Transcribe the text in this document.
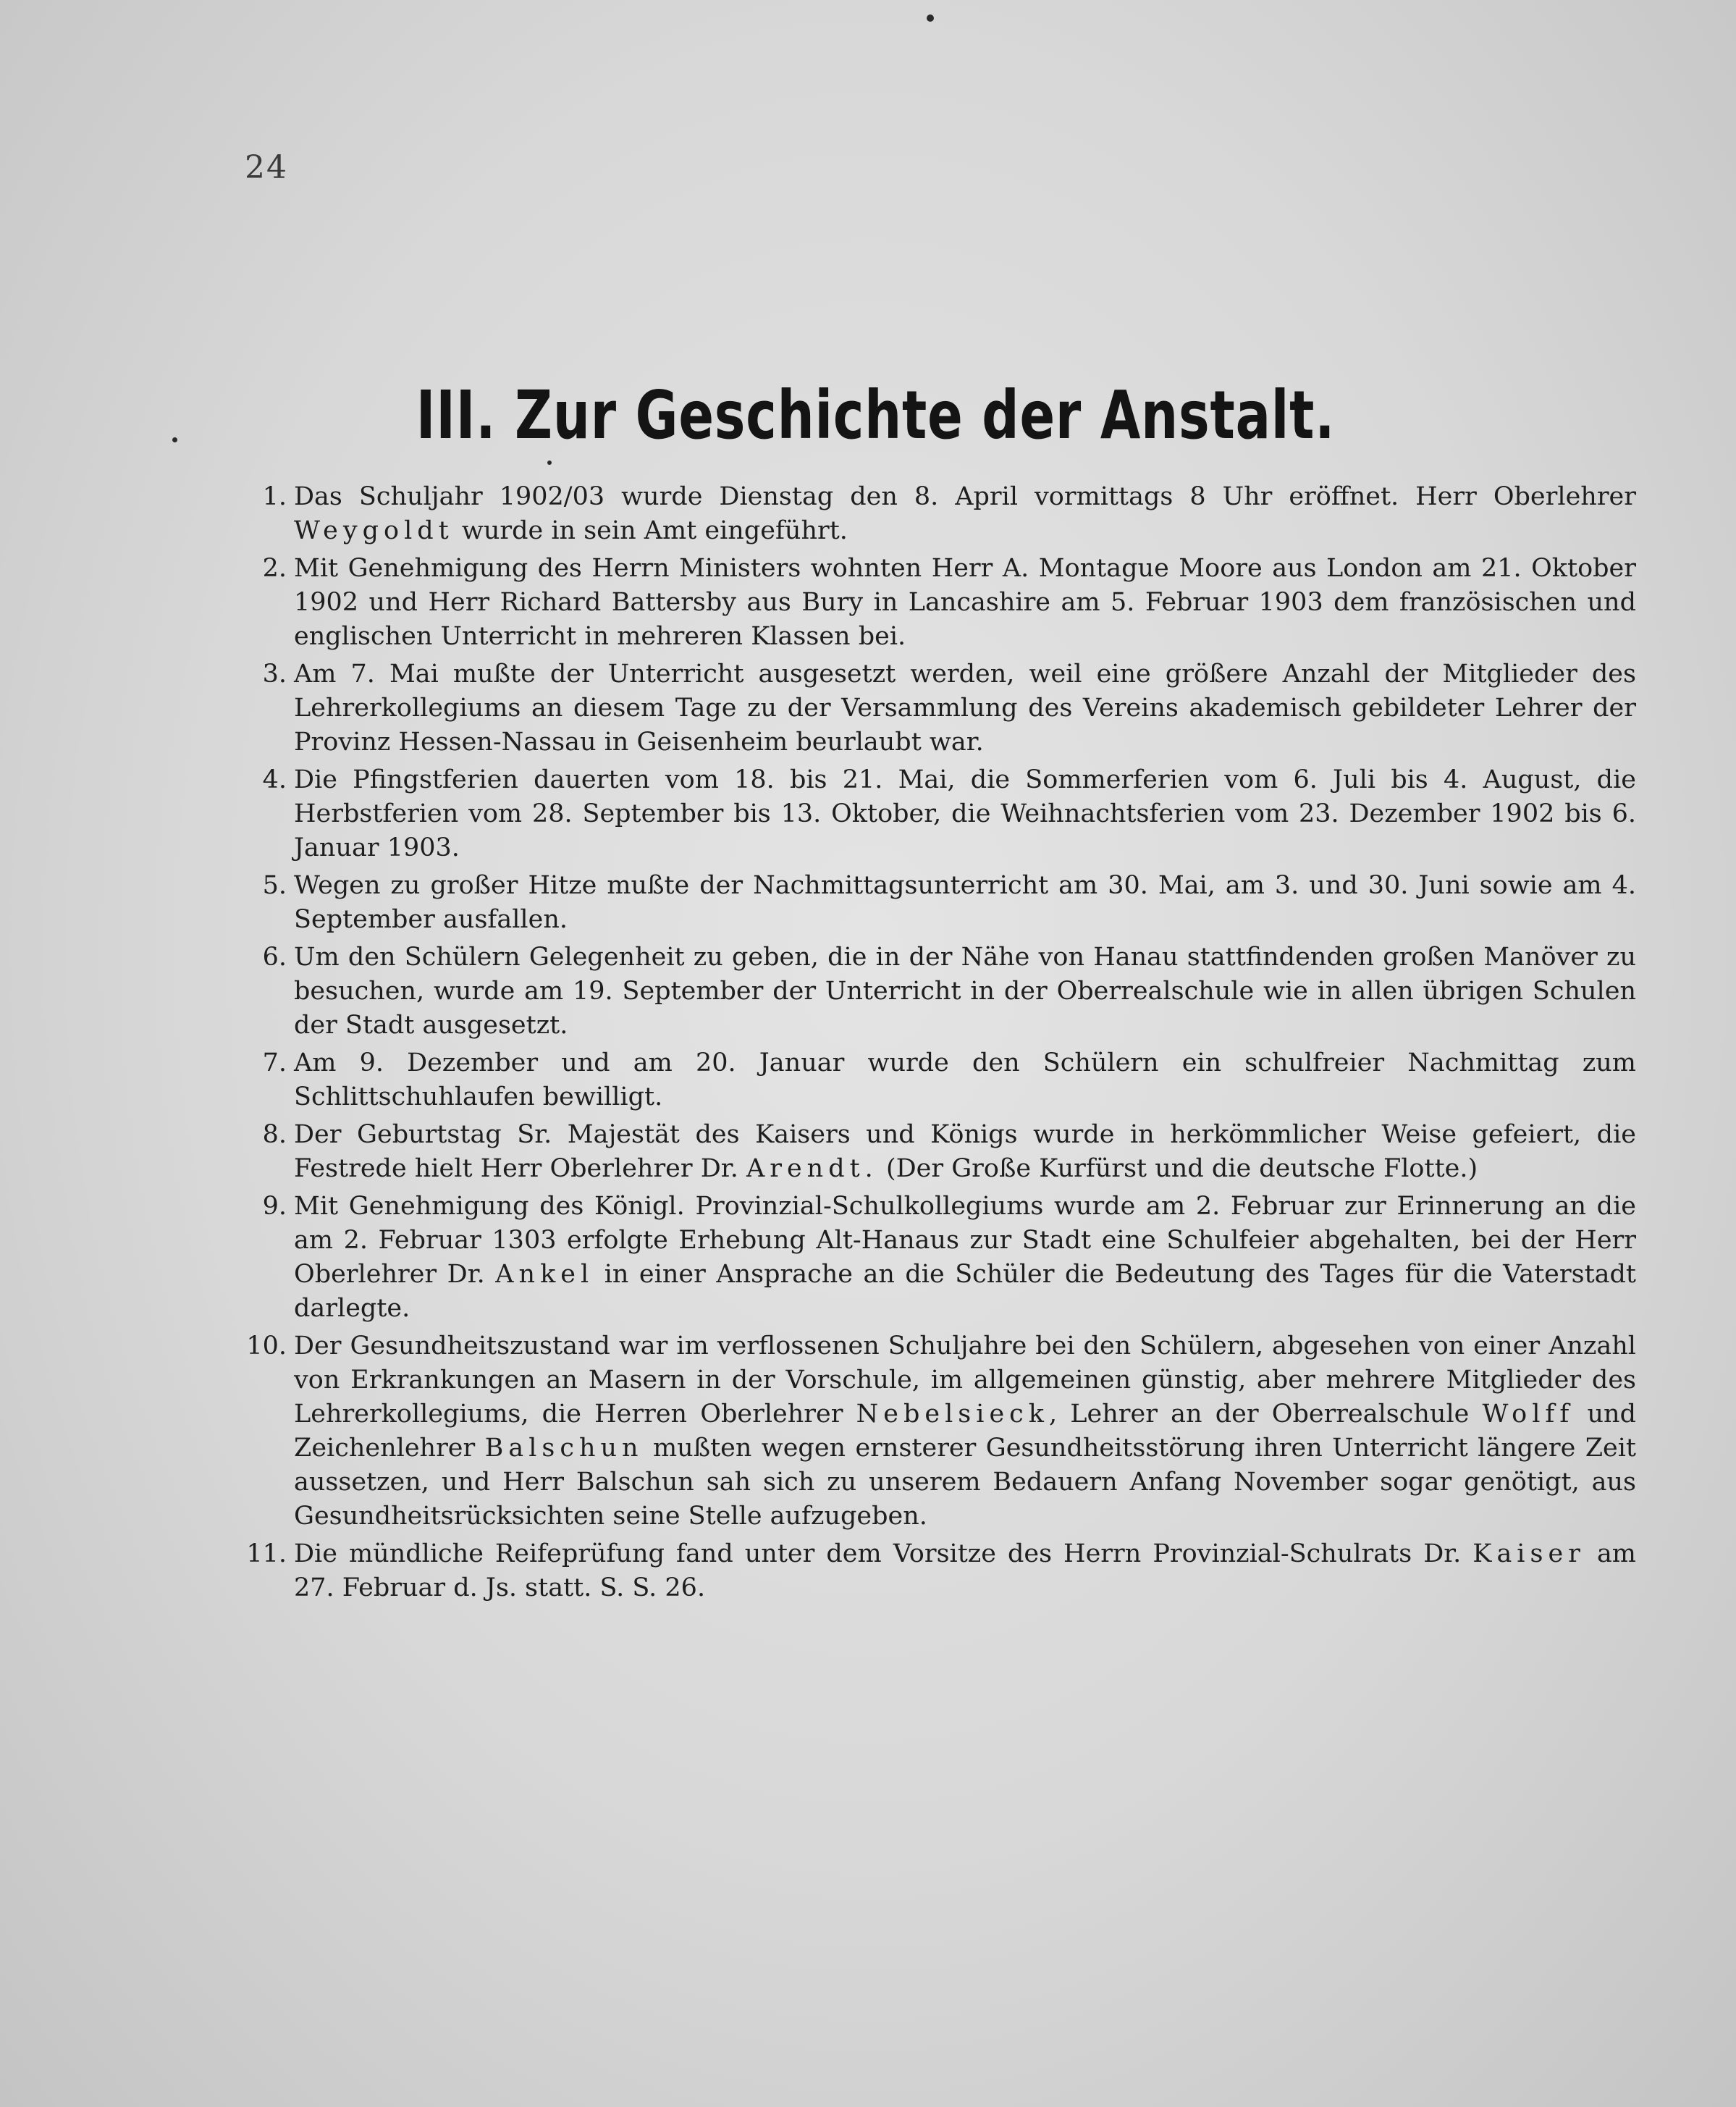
24
III. Zur Geschichte der Anstalt.
1. Das Schuljahr 1902/03 wurde Dienstag den 8. April vormittags 8 Uhr eröffnet. Herr Oberlehrer Weygoldt wurde in sein Amt eingeführt.
2. Mit Genehmigung des Herrn Ministers wohnten Herr A. Montague Moore aus London am 21. Oktober 1902 und Herr Richard Battersby aus Bury in Lancashire am 5. Februar 1903 dem französischen und englischen Unterricht in mehreren Klassen bei.
3. Am 7. Mai mußte der Unterricht ausgesetzt werden, weil eine größere Anzahl der Mitglieder des Lehrerkollegiums an diesem Tage zu der Versammlung des Vereins akademisch gebildeter Lehrer der Provinz Hessen-Nassau in Geisenheim beurlaubt war.
4. Die Pfingstferien dauerten vom 18. bis 21. Mai, die Sommerferien vom 6. Juli bis 4. August, die Herbstferien vom 28. September bis 13. Oktober, die Weihnachtsferien vom 23. Dezember 1902 bis 6. Januar 1903.
5. Wegen zu großer Hitze mußte der Nachmittagsunterricht am 30. Mai, am 3. und 30. Juni sowie am 4. September ausfallen.
6. Um den Schülern Gelegenheit zu geben, die in der Nähe von Hanau stattfindenden großen Manöver zu besuchen, wurde am 19. September der Unterricht in der Oberrealschule wie in allen übrigen Schulen der Stadt ausgesetzt.
7. Am 9. Dezember und am 20. Januar wurde den Schülern ein schulfreier Nachmittag zum Schlittschuhlaufen bewilligt.
8. Der Geburtstag Sr. Majestät des Kaisers und Königs wurde in herkömmlicher Weise gefeiert, die Festrede hielt Herr Oberlehrer Dr. Arendt. (Der Große Kurfürst und die deutsche Flotte.)
9. Mit Genehmigung des Königl. Provinzial-Schulkollegiums wurde am 2. Februar zur Erinnerung an die am 2. Februar 1303 erfolgte Erhebung Alt-Hanaus zur Stadt eine Schulfeier abgehalten, bei der Herr Oberlehrer Dr. Ankel in einer Ansprache an die Schüler die Bedeutung des Tages für die Vaterstadt darlegte.
10. Der Gesundheitszustand war im verflossenen Schuljahre bei den Schülern, abgesehen von einer Anzahl von Erkrankungen an Masern in der Vorschule, im allgemeinen günstig, aber mehrere Mitglieder des Lehrerkollegiums, die Herren Oberlehrer Nebelsieck, Lehrer an der Oberrealschule Wolff und Zeichenlehrer Balschun mußten wegen ernsterer Gesundheitsstörung ihren Unterricht längere Zeit aussetzen, und Herr Balschun sah sich zu unserem Bedauern Anfang November sogar genötigt, aus Gesundheitsrücksichten seine Stelle aufzugeben.
11. Die mündliche Reifeprüfung fand unter dem Vorsitze des Herrn Provinzial-Schulrats Dr. Kaiser am 27. Februar d. Js. statt. S. S. 26.
